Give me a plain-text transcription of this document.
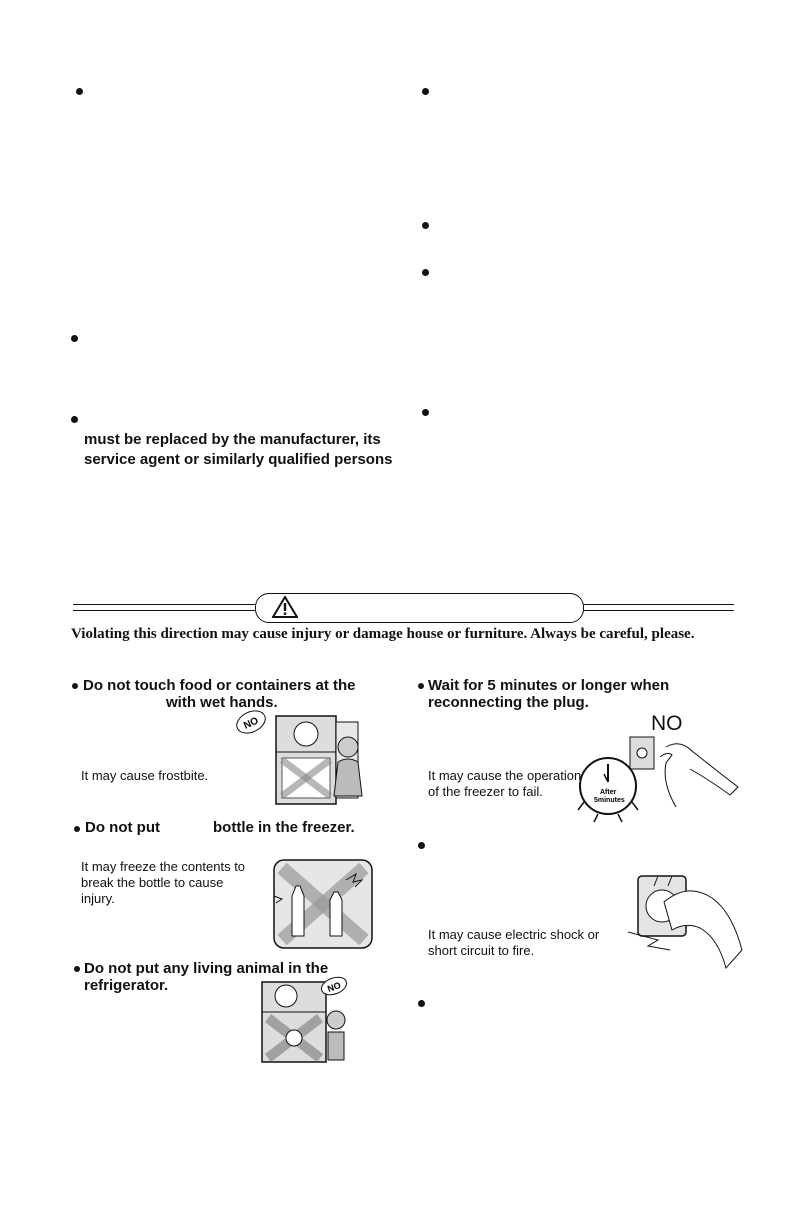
must be replaced by the manufacturer, its
service agent or similarly qualified persons
Violating this direction may cause injury or damage house or furniture. Always be careful, please.
Do not touch food or containers at the
with wet hands.
It may cause frostbite.
NO
Do not put	bottle in the freezer.
It may freeze the contents to
break the bottle to cause
injury.
Do not put any living animal in the
refrigerator.	NO
Wait for 5 minutes or longer when
reconnecting the plug.
NO
It may cause the operation
of the freezer to fail.	After
5minutes
It may cause electric shock or
short circuit to fire.
